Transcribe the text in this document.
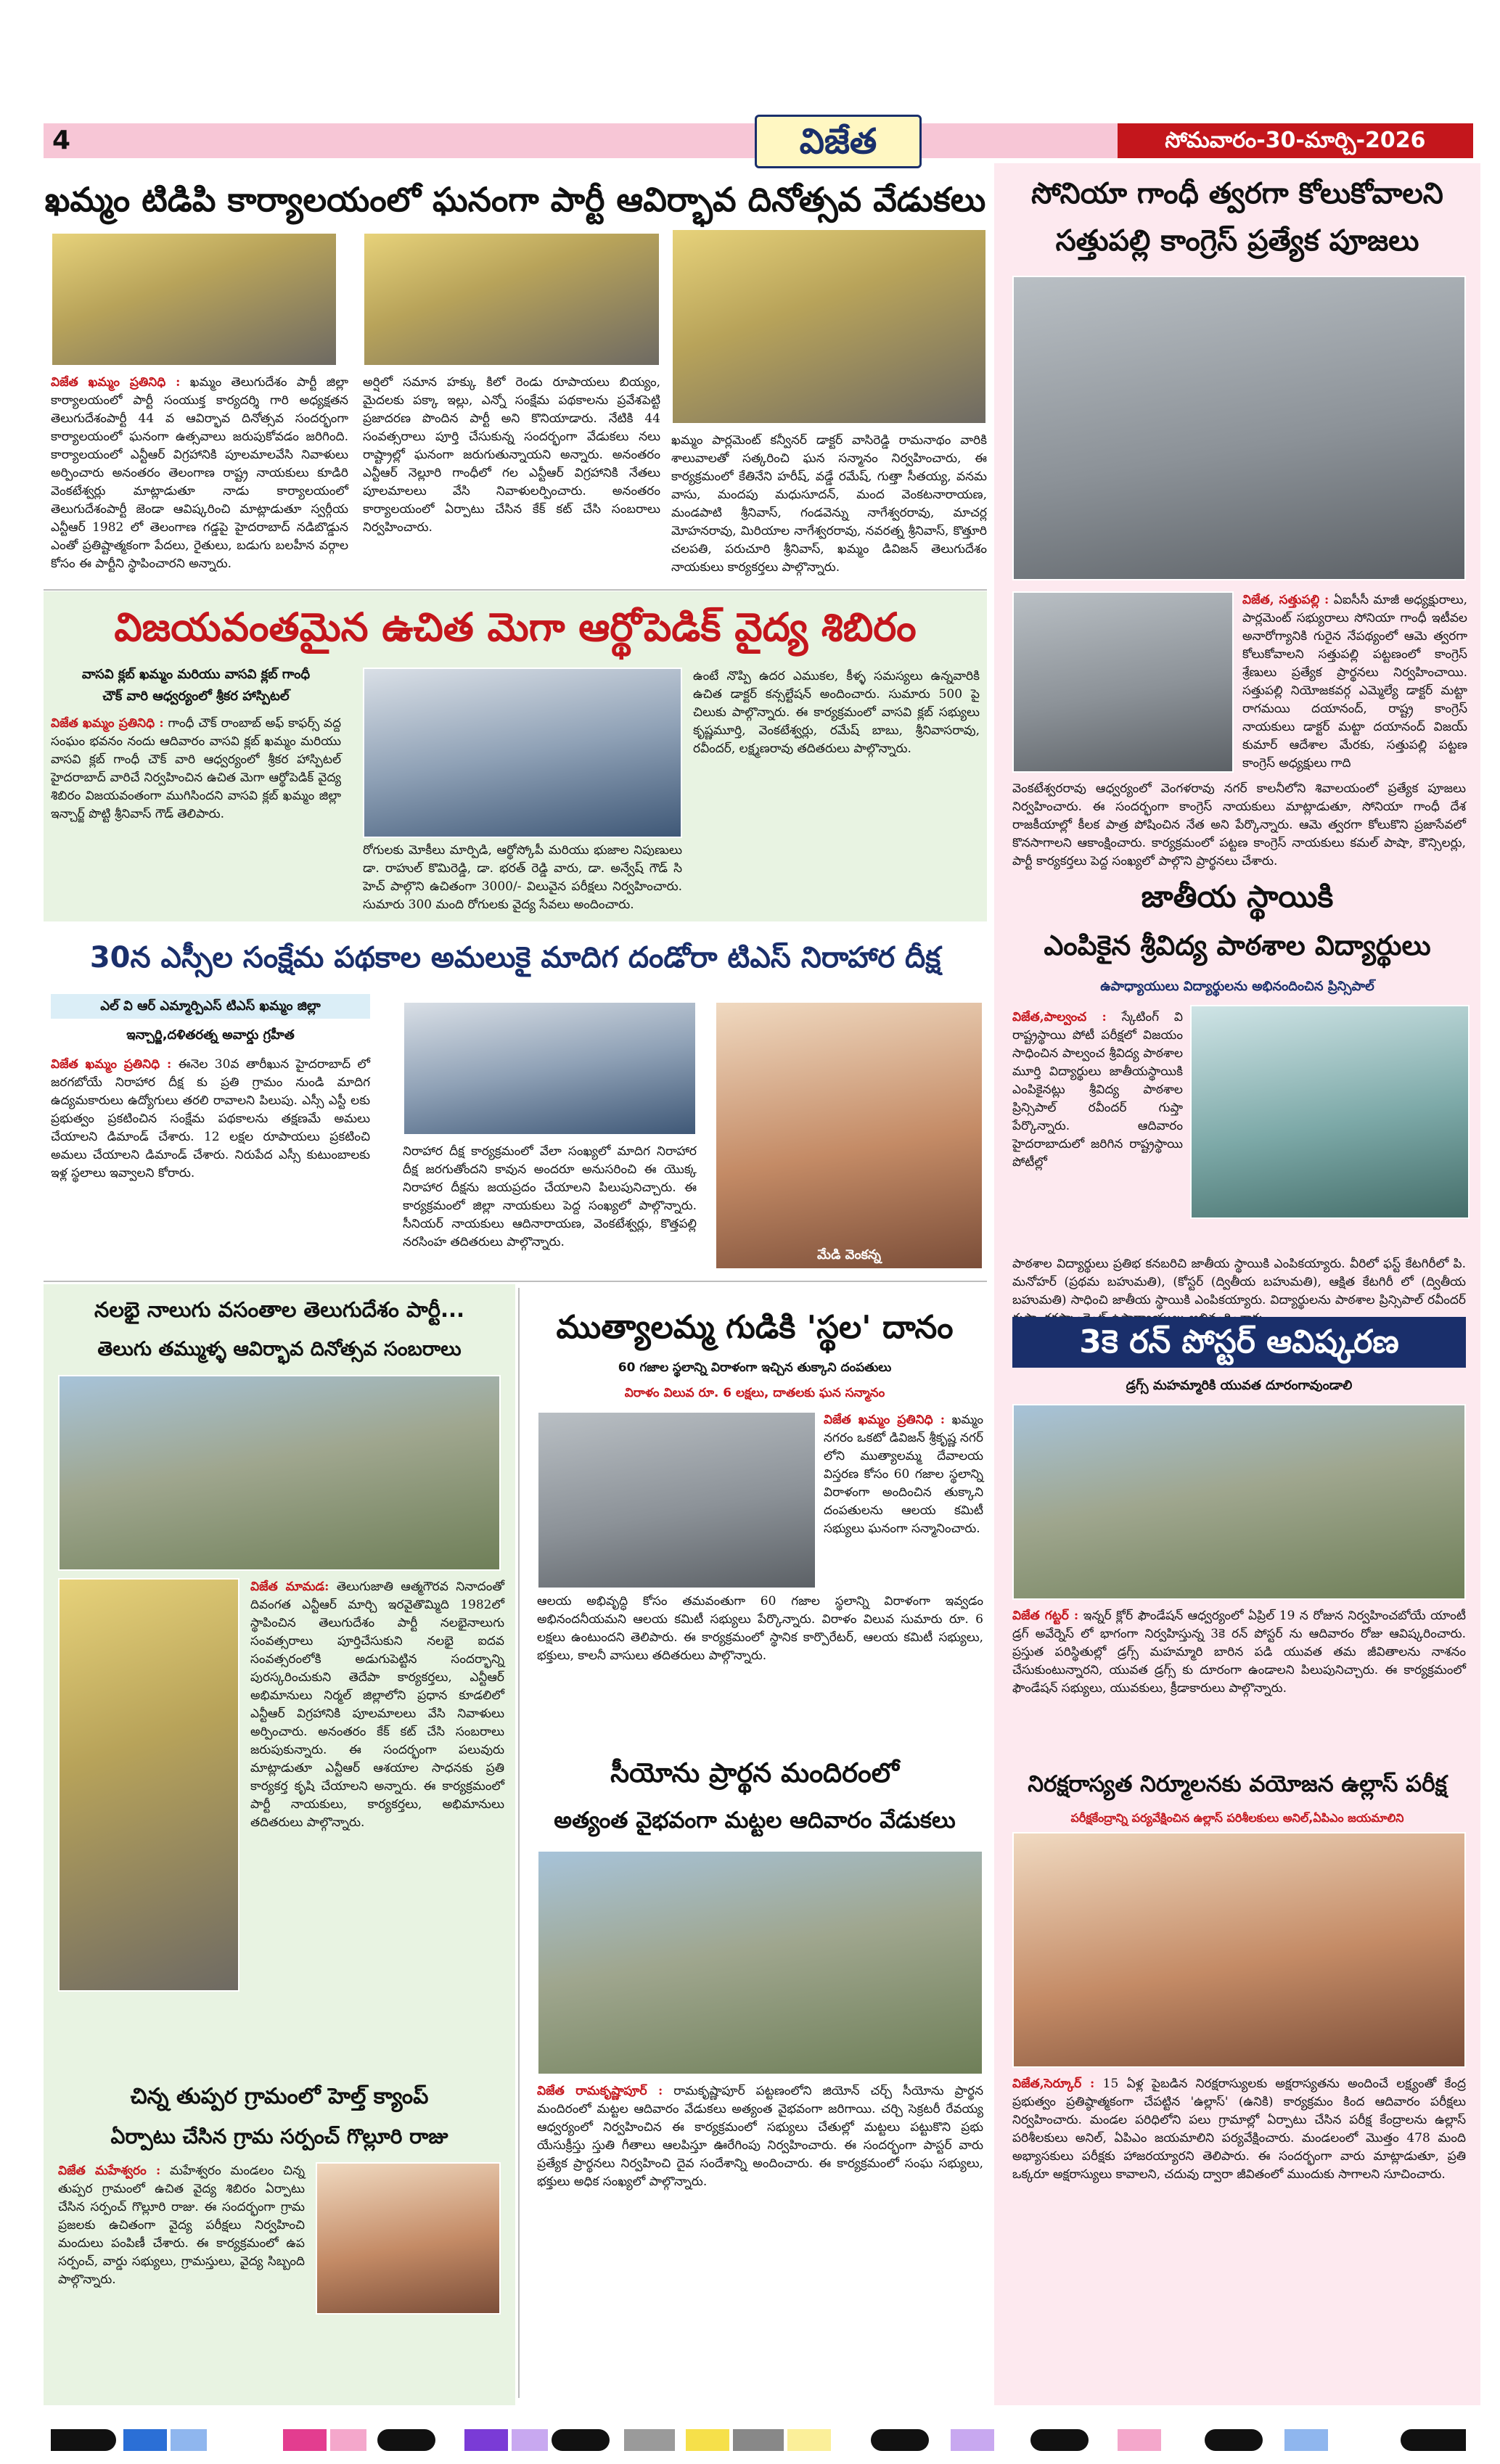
4	విజేత	సోమవారం-30-మార్చి-2026
ఖమ్మం టిడిపి కార్యాలయంలో ఘనంగా పార్టీ ఆవిర్భావ దినోత్సవ వేడుకలు
విజేత ఖమ్మం ప్రతినిధి : ఖమ్మం తెలుగుదేశం పార్టీ జిల్లా కార్యాలయంలో పార్టీ సంయుక్త కార్యదర్శి గారి అధ్యక్షతన తెలుగుదేశంపార్టీ 44 వ ఆవిర్భావ దినోత్సవ సందర్భంగా కార్యాలయంలో ఘనంగా ఉత్సవాలు జరుపుకోవడం జరిగింది. కార్యాలయంలో ఎన్టీఆర్ విగ్రహానికి పూలమాలవేసి నివాళులు అర్పించారు అనంతరం తెలంగాణ రాష్ట్ర నాయకులు కూడిరి వెంకటేశ్వర్లు మాట్లాడుతూ నాడు కార్యాలయంలో తెలుగుదేశంపార్టీ జెండా ఆవిష్కరించి మాట్లాడుతూ స్వర్గీయ ఎన్టీఆర్ 1982 లో తెలంగాణ గడ్డపై హైదరాబాద్ నడిబొడ్డున ఎంతో ప్రతిష్టాత్మకంగా పేదలు, రైతులు, బడుగు బలహీన వర్గాల కోసం ఈ పార్టీని స్థాపించారని అన్నారు.
అర్షిలో సమాన హక్కు కిలో రెండు రూపాయలు బియ్యం, మైదలకు పక్కా ఇల్లు, ఎన్నో సంక్షేమ పథకాలను ప్రవేశపెట్టి ప్రజాదరణ పొందిన పార్టీ అని కొనియాడారు. నేటికి 44 సంవత్సరాలు పూర్తి చేసుకున్న సందర్భంగా వేడుకలు నలు రాష్ట్రాల్లో ఘనంగా జరుగుతున్నాయని అన్నారు. అనంతరం ఎన్టీఆర్ నెల్లూరి గాంధీలో గల ఎన్టీఆర్ విగ్రహానికి నేతలు పూలమాలలు వేసి నివాళులర్పించారు. అనంతరం కార్యాలయంలో ఏర్పాటు చేసిన కేక్ కట్ చేసి సంబరాలు నిర్వహించారు.
ఖమ్మం పార్లమెంట్ కన్వీనర్ డాక్టర్ వాసిరెడ్డి రామనాథం వారికి శాలువాలతో సత్కరించి ఘన సన్మానం నిర్వహించారు, ఈ కార్యక్రమంలో కేతినేని హరీష్, వడ్డే రమేష్, గుత్తా సీతయ్య, వనమ వాసు, మందపు మధుసూదన్, మంద వెంకటనారాయణ, మండపాటి శ్రీనివాస్, గండవెన్ను నాగేశ్వరరావు, మాచర్ల మోహనరావు, మిరియాల నాగేశ్వరరావు, నవరత్న శ్రీనివాస్, కొత్తూరి చలపతి, పరుచూరి శ్రీనివాస్, ఖమ్మం డివిజన్ తెలుగుదేశం నాయకులు కార్యకర్తలు పాల్గొన్నారు.
విజయవంతమైన ఉచిత మెగా ఆర్థోపెడిక్ వైద్య శిబిరం
వాసవి క్లబ్ ఖమ్మం మరియు వాసవి క్లబ్ గాంధీ
చౌక్ వారి ఆధ్వర్యంలో శ్రీకర హాస్పిటల్
విజేత ఖమ్మం ప్రతినిధి : గాంధీ చౌక్ రాంబాబ్ అఫ్ కాఫర్స్ వద్ద సంఘం భవనం నందు ఆదివారం వాసవి క్లబ్ ఖమ్మం మరియు వాసవి క్లబ్ గాంధీ చౌక్ వారి ఆధ్వర్యంలో శ్రీకర హాస్పిటల్ హైదరాబాద్ వారిచే నిర్వహించిన ఉచిత మెగా ఆర్థోపెడిక్ వైద్య శిబిరం విజయవంతంగా ముగిసిందని వాసవి క్లబ్ ఖమ్మం జిల్లా ఇన్చార్జ్ పొట్టి శ్రీనివాస్ గౌడ్ తెలిపారు.
రోగులకు మోకీలు మార్పిడి, ఆర్థోస్కోపీ మరియు భుజాల నిపుణులు డా. రాహుల్ కొమిరెడ్డి, డా. భరత్ రెడ్డి వారు, డా. అన్వేష్ గౌడ్ సి హెచ్ పాల్గొని ఉచితంగా 3000/- విలువైన పరీక్షలు నిర్వహించారు. సుమారు 300 మంది రోగులకు వైద్య సేవలు అందించారు.
ఉంటే నొప్పి ఉదర ఎముకల, కీళ్ళ సమస్యలు ఉన్నవారికి ఉచిత డాక్టర్ కన్సల్టేషన్ అందించారు. సుమారు 500 పై చిలుకు పాల్గొన్నారు. ఈ కార్యక్రమంలో వాసవి క్లబ్ సభ్యులు కృష్ణమూర్తి, వెంకటేశ్వర్లు, రమేష్ బాబు, శ్రీనివాసరావు, రవీందర్, లక్ష్మణరావు తదితరులు పాల్గొన్నారు.
30న ఎస్సీల సంక్షేమ పథకాల అమలుకై మాదిగ దండోరా టిఎస్ నిరాహార దీక్ష
ఎల్ వి ఆర్ ఎమ్మార్పిఎస్ టిఎస్ ఖమ్మం జిల్లా
ఇన్చార్జి,దళితరత్న అవార్డు గ్రహీత
విజేత ఖమ్మం ప్రతినిధి : ఈనెల 30వ తారీఖున హైదరాబాద్ లో జరగబోయే నిరాహార దీక్ష కు ప్రతి గ్రామం నుండి మాదిగ ఉద్యమకారులు ఉద్యోగులు తరలి రావాలని పిలుపు. ఎస్సీ ఎస్టీ లకు ప్రభుత్వం ప్రకటించిన సంక్షేమ పథకాలను తక్షణమే అమలు చేయాలని డిమాండ్ చేశారు. 12 లక్షల రూపాయలు ప్రకటించి అమలు చేయాలని డిమాండ్ చేశారు. నిరుపేద ఎస్సీ కుటుంబాలకు ఇళ్ల స్థలాలు ఇవ్వాలని కోరారు.
నిరాహార దీక్ష కార్యక్రమంలో వేలా సంఖ్యలో మాదిగ నిరాహార దీక్ష జరగుతోందని కావున అందరూ అనుసరించి ఈ యొక్క నిరాహార దీక్షను జయప్రదం చేయాలని పిలుపునిచ్చారు. ఈ కార్యక్రమంలో జిల్లా నాయకులు పెద్ద సంఖ్యలో పాల్గొన్నారు. సీనియర్ నాయకులు ఆదినారాయణ, వెంకటేశ్వర్లు, కొత్తపల్లి నరసింహ తదితరులు పాల్గొన్నారు.
మేడి వెంకన్న
సోనియా గాంధీ త్వరగా కోలుకోవాలని
సత్తుపల్లి కాంగ్రెస్ ప్రత్యేక పూజలు
విజేత, సత్తుపల్లి : ఏఐసీసీ మాజీ అధ్యక్షురాలు, పార్లమెంట్ సభ్యురాలు సోనియా గాంధీ ఇటీవల అనారోగ్యానికి గురైన నేపథ్యంలో ఆమె త్వరగా కోలుకోవాలని సత్తుపల్లి పట్టణంలో కాంగ్రెస్ శ్రేణులు ప్రత్యేక ప్రార్థనలు నిర్వహించాయి. సత్తుపల్లి నియోజకవర్గ ఎమ్మెల్యే డాక్టర్ మట్టా రాగమయి దయానంద్, రాష్ట్ర కాంగ్రెస్ నాయకులు డాక్టర్ మట్టా దయానంద్ విజయ్ కుమార్ ఆదేశాల మేరకు, సత్తుపల్లి పట్టణ కాంగ్రెస్ అధ్యక్షులు గాది
వెంకటేశ్వరరావు ఆధ్వర్యంలో వెంగళరావు నగర్ కాలనీలోని శివాలయంలో ప్రత్యేక పూజలు నిర్వహించారు. ఈ సందర్భంగా కాంగ్రెస్ నాయకులు మాట్లాడుతూ, సోనియా గాంధీ దేశ రాజకీయాల్లో కీలక పాత్ర పోషించిన నేత అని పేర్కొన్నారు. ఆమె త్వరగా కోలుకొని ప్రజాసేవలో కొనసాగాలని ఆకాంక్షించారు. కార్యక్రమంలో పట్టణ కాంగ్రెస్ నాయకులు కమల్ పాషా, కౌన్సిలర్లు, పార్టీ కార్యకర్తలు పెద్ద సంఖ్యలో పాల్గొని ప్రార్థనలు చేశారు.
జాతీయ స్థాయికి
ఎంపికైన శ్రీవిద్య పాఠశాల విద్యార్థులు
ఉపాధ్యాయులు విద్యార్థులను అభినందించిన ప్రిన్సిపాల్
విజేత,పాల్వంచ : స్కేటింగ్ వి రాష్ట్రస్థాయి పోటీ పరీక్షలో విజయం సాధించిన పాల్వంచ శ్రీవిద్య పాఠశాల మూర్తి విద్యార్థులు జాతీయస్థాయికి ఎంపికైనట్లు శ్రీవిద్య పాఠశాల ప్రిన్సిపాల్ రవీందర్ గుప్తా పేర్కొన్నారు. ఆదివారం హైదరాబాదులో జరిగిన రాష్ట్రస్థాయి పోటీల్లో
పాఠశాల విద్యార్థులు ప్రతిభ కనబరిచి జాతీయ స్థాయికి ఎంపికయ్యారు. వీరిలో ఫస్ట్ కేటగిరీలో పి. మనోహర్ (ప్రథమ బహుమతి), (కోస్టర్ (ద్వితీయ బహుమతి), ఆక్షిత కేటగిరీ లో (ద్వితీయ బహుమతి) సాధించి జాతీయ స్థాయికి ఎంపికయ్యారు. విద్యార్థులను పాఠశాల ప్రిన్సిపాల్ రవీందర్
3కె రన్ పోస్టర్ ఆవిష్కరణ
డ్రగ్స్ మహమ్మారికి యువత దూరంగావుండాలి
విజేత గట్టర్ : ఇన్నర్ క్లోర్ ఫౌండేషన్ ఆధ్వర్యంలో ఏప్రిల్ 19 న రోజున నిర్వహించబోయే యాంటీ డ్రగ్ అవేర్నెస్ లో భాగంగా నిర్వహిస్తున్న 3కె రన్ పోస్టర్ ను ఆదివారం రోజు ఆవిష్కరించారు. ప్రస్తుత పరిస్థితుల్లో డ్రగ్స్ మహమ్మారి బారిన పడి యువత తమ జీవితాలను నాశనం చేసుకుంటున్నారని, యువత డ్రగ్స్ కు దూరంగా ఉండాలని పిలుపునిచ్చారు. ఈ కార్యక్రమంలో ఫౌండేషన్ సభ్యులు, యువకులు, క్రీడాకారులు పాల్గొన్నారు.
నిరక్షరాస్యత నిర్మూలనకు వయోజన ఉల్లాస్ పరీక్ష
పరీక్షకేంద్రాన్ని పర్యవేక్షించిన ఉల్లాస్ పరిశీలకులు అనిల్,ఏపిఎం జయమాలిని
విజేత,సెర్కూర్ : 15 ఏళ్ల పైబడిన నిరక్షరాస్యులకు అక్షరాస్యతను అందించే లక్ష్యంతో కేంద్ర ప్రభుత్వం ప్రతిష్ఠాత్మకంగా చేపట్టిన 'ఉల్లాస్' (ఉనికి) కార్యక్రమం కింద ఆదివారం పరీక్షలు నిర్వహించారు. మండల పరిధిలోని పలు గ్రామాల్లో ఏర్పాటు చేసిన పరీక్ష కేంద్రాలను ఉల్లాస్ పరిశీలకులు అనిల్, ఏపిఎం జయమాలిని పర్యవేక్షించారు. మండలంలో మొత్తం 478 మంది అభ్యాసకులు పరీక్షకు హాజరయ్యారని తెలిపారు. ఈ సందర్భంగా వారు మాట్లాడుతూ, ప్రతి ఒక్కరూ అక్షరాస్యులు కావాలని, చదువు ద్వారా జీవితంలో ముందుకు సాగాలని సూచించారు.
నలభై నాలుగు వసంతాల తెలుగుదేశం పార్టీ...
తెలుగు తమ్ముళ్ళ ఆవిర్భావ దినోత్సవ సంబరాలు
విజేత మామడ: తెలుగుజాతి ఆత్మగౌరవ నినాదంతో దివంగత ఎన్టీఆర్ మార్చి ఇరవైతొమ్మిది 1982లో స్థాపించిన తెలుగుదేశం పార్టీ నలభైనాలుగు సంవత్సరాలు పూర్తిచేసుకుని నలభై ఐదవ సంవత్సరంలోకి అడుగుపెట్టిన సందర్భాన్ని పురస్కరించుకుని తెదేపా కార్యకర్తలు, ఎన్టీఆర్ అభిమానులు నిర్మల్ జిల్లాలోని ప్రధాన కూడలిలో ఎన్టీఆర్ విగ్రహానికి పూలమాలలు వేసి నివాళులు అర్పించారు. అనంతరం కేక్ కట్ చేసి సంబరాలు జరుపుకున్నారు. ఈ సందర్భంగా పలువురు మాట్లాడుతూ ఎన్టీఆర్ ఆశయాల సాధనకు ప్రతి కార్యకర్త కృషి చేయాలని అన్నారు. ఈ కార్యక్రమంలో పార్టీ నాయకులు, కార్యకర్తలు, అభిమానులు తదితరులు పాల్గొన్నారు.
చిన్న తుప్పర గ్రామంలో హెల్త్ క్యాంప్
ఏర్పాటు చేసిన గ్రామ సర్పంచ్ గొల్లూరి రాజు
విజేత మహేశ్వరం : మహేశ్వరం మండలం చిన్న తుప్పర గ్రామంలో ఉచిత వైద్య శిబిరం ఏర్పాటు చేసిన సర్పంచ్ గొల్లూరి రాజు. ఈ సందర్భంగా గ్రామ ప్రజలకు ఉచితంగా వైద్య పరీక్షలు నిర్వహించి మందులు పంపిణీ చేశారు. ఈ కార్యక్రమంలో ఉప సర్పంచ్, వార్డు సభ్యులు, గ్రామస్తులు, వైద్య సిబ్బంది పాల్గొన్నారు.
ముత్యాలమ్మ గుడికి 'స్థల' దానం
60 గజాల స్థలాన్ని విరాళంగా ఇచ్చిన తుక్కాని దంపతులు
విరాళం విలువ రూ. 6 లక్షలు, దాతలకు ఘన సన్మానం
విజేత ఖమ్మం ప్రతినిధి : ఖమ్మం నగరం ఒకటో డివిజన్ శ్రీకృష్ణ నగర్ లోని ముత్యాలమ్మ దేవాలయ విస్తరణ కోసం 60 గజాల స్థలాన్ని విరాళంగా అందించిన తుక్కాని దంపతులను ఆలయ కమిటీ సభ్యులు ఘనంగా సన్మానించారు.
ఆలయ అభివృద్ధి కోసం తమవంతుగా 60 గజాల స్థలాన్ని విరాళంగా ఇవ్వడం అభినందనీయమని ఆలయ కమిటీ సభ్యులు పేర్కొన్నారు. విరాళం విలువ సుమారు రూ. 6 లక్షలు ఉంటుందని తెలిపారు. ఈ కార్యక్రమంలో స్థానిక కార్పొరేటర్, ఆలయ కమిటీ సభ్యులు, భక్తులు, కాలనీ వాసులు తదితరులు పాల్గొన్నారు.
సీయోను ప్రార్థన మందిరంలో
అత్యంత వైభవంగా మట్టల ఆదివారం వేడుకలు
విజేత రామకృష్ణాపూర్ : రామకృష్ణాపూర్ పట్టణంలోని జియోన్ చర్చ్ సీయోను ప్రార్థన మందిరంలో మట్టల ఆదివారం వేడుకలు అత్యంత వైభవంగా జరిగాయి. చర్చి సెక్రటరీ రేవయ్య ఆధ్వర్యంలో నిర్వహించిన ఈ కార్యక్రమంలో సభ్యులు చేతుల్లో మట్టలు పట్టుకొని ప్రభు యేసుక్రీస్తు స్తుతి గీతాలు ఆలపిస్తూ ఊరేగింపు నిర్వహించారు. ఈ సందర్భంగా పాస్టర్ వారు ప్రత్యేక ప్రార్థనలు నిర్వహించి దైవ సందేశాన్ని అందించారు. ఈ కార్యక్రమంలో సంఘ సభ్యులు, భక్తులు అధిక సంఖ్యలో పాల్గొన్నారు.
